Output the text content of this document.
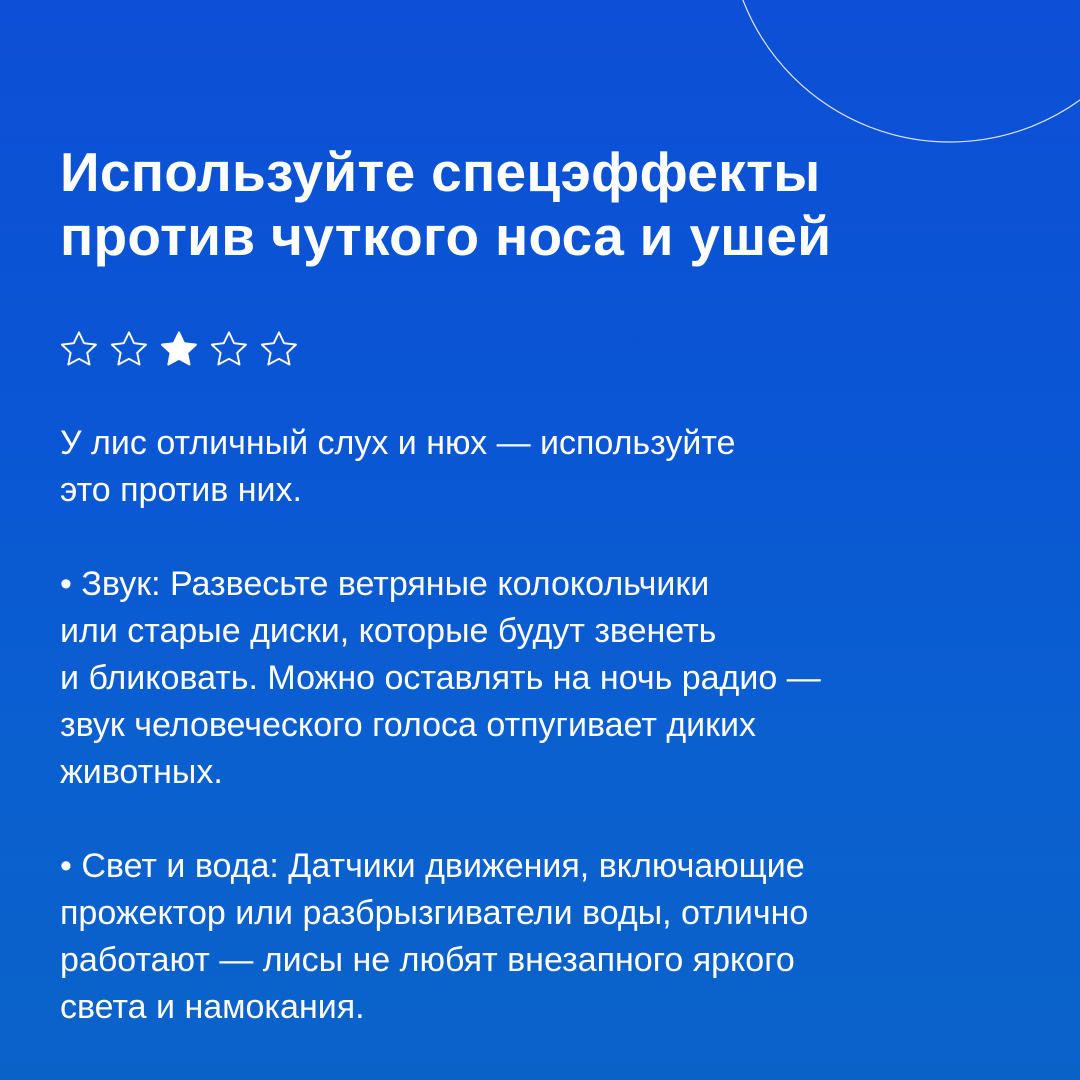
Используйте спецэффекты
против чуткого носа и ушей

У лис отличный слух и нюх — используйте
это против них.

• Звук: Развесьте ветряные колокольчики
или старые диски, которые будут звенеть
и бликовать. Можно оставлять на ночь радио —
звук человеческого голоса отпугивает диких
животных.

• Свет и вода: Датчики движения, включающие
прожектор или разбрызгиватели воды, отлично
работают — лисы не любят внезапного яркого
света и намокания.
